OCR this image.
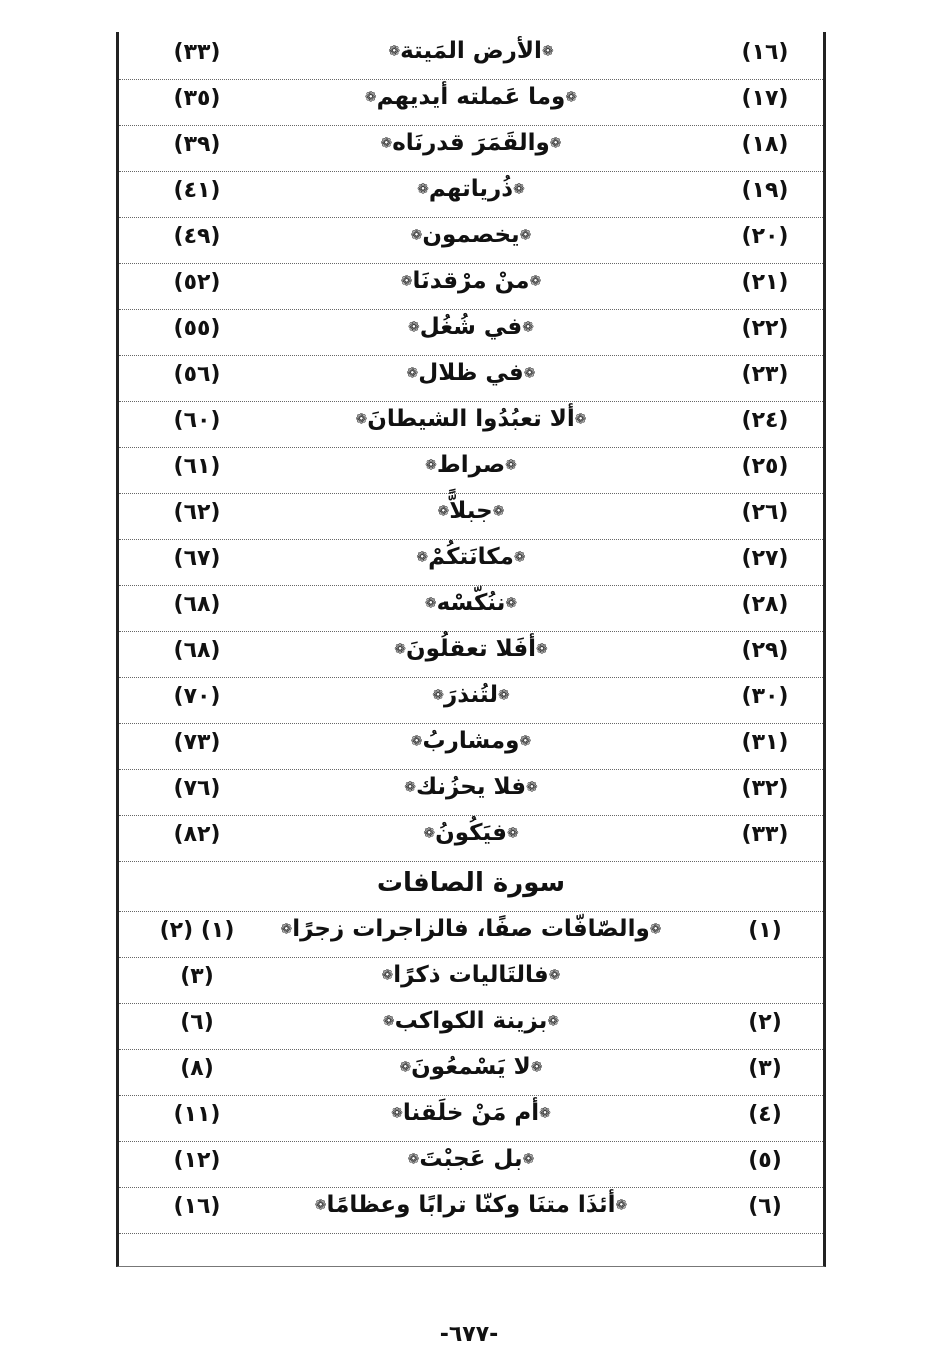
(١٦)
❁الأرض المَيتة❁
(٣٣)
(١٧)
❁وما عَملته أيديهم❁
(٣٥)
(١٨)
❁والقَمَرَ قدرنَاه❁
(٣٩)
(١٩)
❁ذُرياتهم❁
(٤١)
(٢٠)
❁يخصمون❁
(٤٩)
(٢١)
❁منْ مرْقدنَا❁
(٥٢)
(٢٢)
❁في شُغُل❁
(٥٥)
(٢٣)
❁في ظلال❁
(٥٦)
(٢٤)
❁ألا تعبُدُوا الشيطانَ❁
(٦٠)
(٢٥)
❁صراط❁
(٦١)
(٢٦)
❁جبلاًّ❁
(٦٢)
(٢٧)
❁مكانَتكُمْ❁
(٦٧)
(٢٨)
❁ننُكّسْه❁
(٦٨)
(٢٩)
❁أفَلا تعقلُونَ❁
(٦٨)
(٣٠)
❁لتُنذرَ❁
(٧٠)
(٣١)
❁ومشاربُ❁
(٧٣)
(٣٢)
❁فلا يحزُنك❁
(٧٦)
(٣٣)
❁فيَكُونُ❁
(٨٢)
سورة الصافات
(١)
❁والصّافّات صفًا، فالزاجرات زجرًا❁
(١) (٢)
❁فالتَاليات ذكرًا❁
(٣)
(٢)
❁بزينة الكواكب❁
(٦)
(٣)
❁لا يَسْمعُونَ❁
(٨)
(٤)
❁أم مَنْ خلَقنا❁
(١١)
(٥)
❁بل عَجبْتَ❁
(١٢)
(٦)
❁أئذَا متنَا وكنّا ترابًا وعظامًا❁
(١٦)
-٦٧٧-
